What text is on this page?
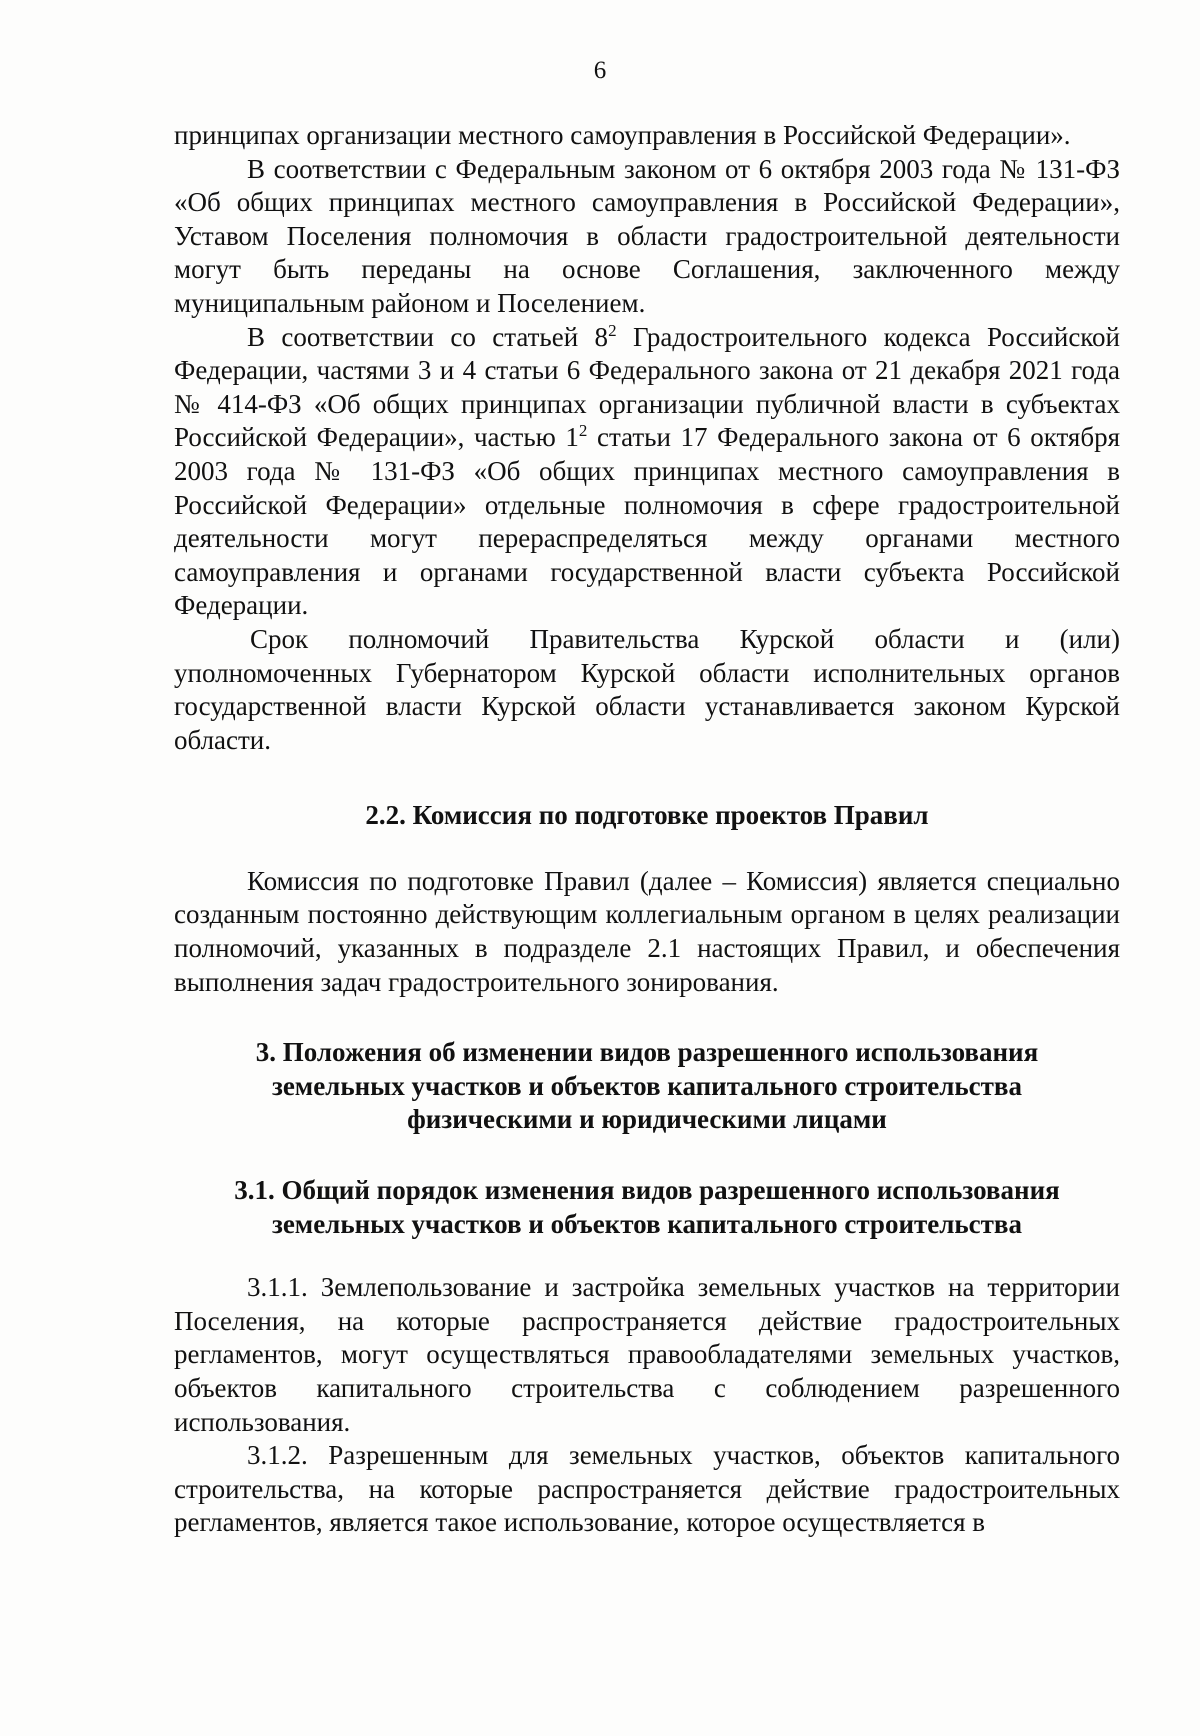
6

принципах организации местного самоуправления в Российской Федерации».

В соответствии с Федеральным законом от 6 октября 2003 года № 131-ФЗ «Об общих принципах местного самоуправления в Российской Федерации», Уставом Поселения полномочия в области градостроительной деятельности могут быть переданы на основе Соглашения, заключенного между муниципальным районом и Поселением.

В соответствии со статьей $8^2$ Градостроительного кодекса Российской Федерации, частями 3 и 4 статьи 6 Федерального закона от 21 декабря 2021 года № 414-ФЗ «Об общих принципах организации публичной власти в субъектах Российской Федерации», частью $1^2$ статьи 17 Федерального закона от 6 октября 2003 года № 131-ФЗ «Об общих принципах местного самоуправления в Российской Федерации» отдельные полномочия в сфере градостроительной деятельности могут перераспределяться между органами местного самоуправления и органами государственной власти субъекта Российской Федерации.

Срок полномочий Правительства Курской области и (или) уполномоченных Губернатором Курской области исполнительных органов государственной власти Курской области устанавливается законом Курской области.

2.2. Комиссия по подготовке проектов Правил

Комиссия по подготовке Правил (далее – Комиссия) является специально созданным постоянно действующим коллегиальным органом в целях реализации полномочий, указанных в подразделе 2.1 настоящих Правил, и обеспечения выполнения задач градостроительного зонирования.

3. Положения об изменении видов разрешенного использования
земельных участков и объектов капитального строительства
физическими и юридическими лицами
3.1. Общий порядок изменения видов разрешенного использования
земельных участков и объектов капитального строительства

3.1.1. Землепользование и застройка земельных участков на территории Поселения, на которые распространяется действие градостроительных регламентов, могут осуществляться правообладателями земельных участков, объектов капитального строительства с соблюдением разрешенного использования.

3.1.2. Разрешенным для земельных участков, объектов капитального строительства, на которые распространяется действие градостроительных регламентов, является такое использование, которое осуществляется в
